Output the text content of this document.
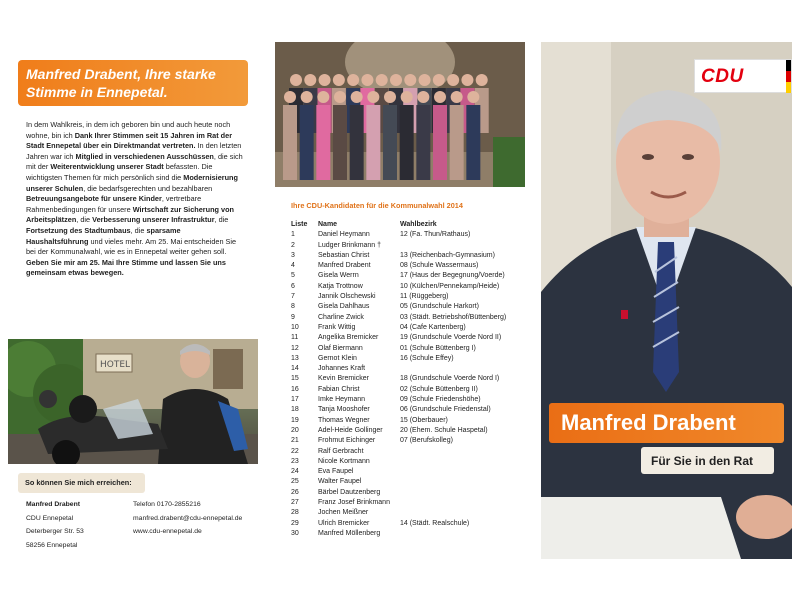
Manfred Drabent, Ihre starke Stimme in Ennepetal.
In dem Wahlkreis, in dem ich geboren bin und auch heute noch wohne, bin ich Dank Ihrer Stimmen seit 15 Jahren im Rat der Stadt Ennepetal über ein Direktmandat vertreten. In den letzten Jahren war ich Mitglied in verschiedenen Ausschüssen, die sich mit der Weiterentwicklung unserer Stadt befassten. Die wichtigsten Themen für mich persönlich sind die Modernisierung unserer Schulen, die bedarfsgerechten und bezahlbaren Betreuungsangebote für unsere Kinder, vertretbare Rahmenbedingungen für unsere Wirtschaft zur Sicherung von Arbeitsplätzen, die Verbesserung unserer Infrastruktur, die Fortsetzung des Stadtumbaus, die sparsame Haushaltsführung und vieles mehr. Am 25. Mai entscheiden Sie bei der Kommunalwahl, wie es in Ennepetal weiter gehen soll.
Geben Sie mir am 25. Mai Ihre Stimme und lassen Sie uns gemeinsam etwas bewegen.
HOTEL
So können Sie mich erreichen:
Manfred Drabent
CDU Ennepetal
Deterberger Str. 53
58256 Ennepetal
Telefon 0170-2855216
manfred.drabent@cdu-ennepetal.de
www.cdu-ennepetal.de
Ihre CDU-Kandidaten für die Kommunalwahl 2014
Liste	Name	Wahlbezirk
1	Daniel Heymann	12 (Fa. Thun/Rathaus)
2	Ludger Brinkmann †
3	Sebastian Christ	13 (Reichenbach-Gymnasium)
4	Manfred Drabent	08 (Schule Wassermaus)
5	Gisela Werrn	17 (Haus der Begegnung/Voerde)
6	Katja Trottnow	10 (Külchen/Pennekamp/Heide)
7	Jannik Olschewski	11 (Rüggeberg)
8	Gisela Dahlhaus	05 (Grundschule Harkort)
9	Charline Zwick	03 (Städt. Betriebshof/Büttenberg)
10	Frank Wittig	04 (Cafe Kartenberg)
11	Angelika Bremicker	19 (Grundschule Voerde Nord II)
12	Olaf Biermann	01 (Schule Büttenberg I)
13	Gernot Klein	16 (Schule Effey)
14	Johannes Kraft
15	Kevin Bremicker	18 (Grundschule Voerde Nord I)
16	Fabian Christ	02 (Schule Büttenberg II)
17	Imke Heymann	09 (Schule Friedenshöhe)
18	Tanja Mooshofer	06 (Grundschule Friedenstal)
19	Thomas Wegner	15 (Oberbauer)
20	Adel-Heide Gollinger	20 (Ehem. Schule Haspetal)
21	Frohmut Eichinger	07 (Berufskolleg)
22	Ralf Gerbracht
23	Nicole Kortmann
24	Eva Faupel
25	Walter Faupel
26	Bärbel Dautzenberg
27	Franz Josef Brinkmann
28	Jochen Meißner
29	Ulrich Bremicker	14 (Städt. Realschule)
30	Manfred Möllenberg
CDU
Manfred Drabent
Für Sie in den Rat
